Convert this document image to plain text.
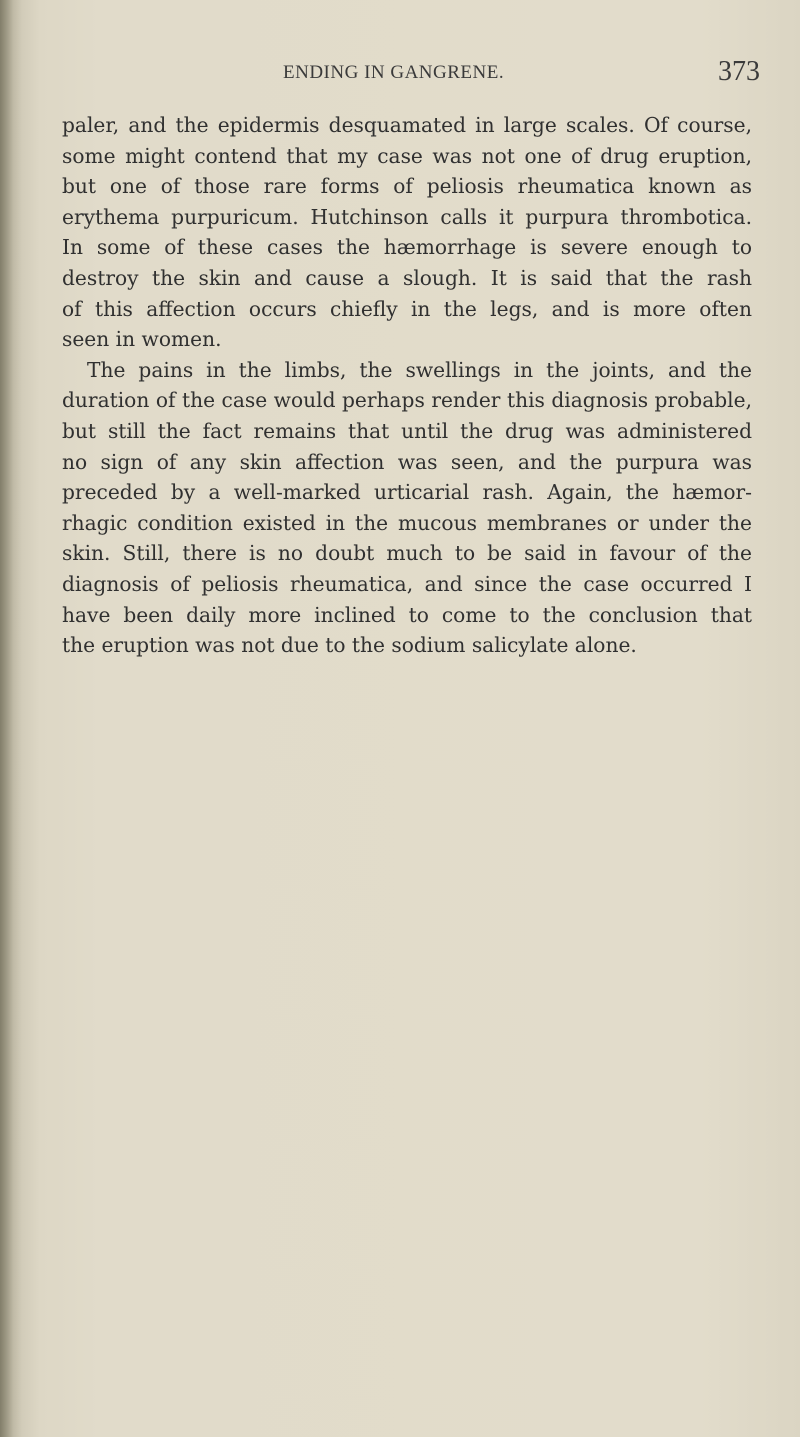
ENDING IN GANGRENE.	373
paler, and the epidermis desquamated in large scales. Of course,
some might contend that my case was not one of drug eruption,
but one of those rare forms of peliosis rheumatica known as
erythema purpuricum. Hutchinson calls it purpura thrombotica.
In some of these cases the hæmorrhage is severe enough to
destroy the skin and cause a slough. It is said that the rash
of this affection occurs chiefly in the legs, and is more often
seen in women.
The pains in the limbs, the swellings in the joints, and the
duration of the case would perhaps render this diagnosis probable,
but still the fact remains that until the drug was administered
no sign of any skin affection was seen, and the purpura was
preceded by a well-marked urticarial rash. Again, the hæmor-
rhagic condition existed in the mucous membranes or under the
skin. Still, there is no doubt much to be said in favour of the
diagnosis of peliosis rheumatica, and since the case occurred I
have been daily more inclined to come to the conclusion that
the eruption was not due to the sodium salicylate alone.
